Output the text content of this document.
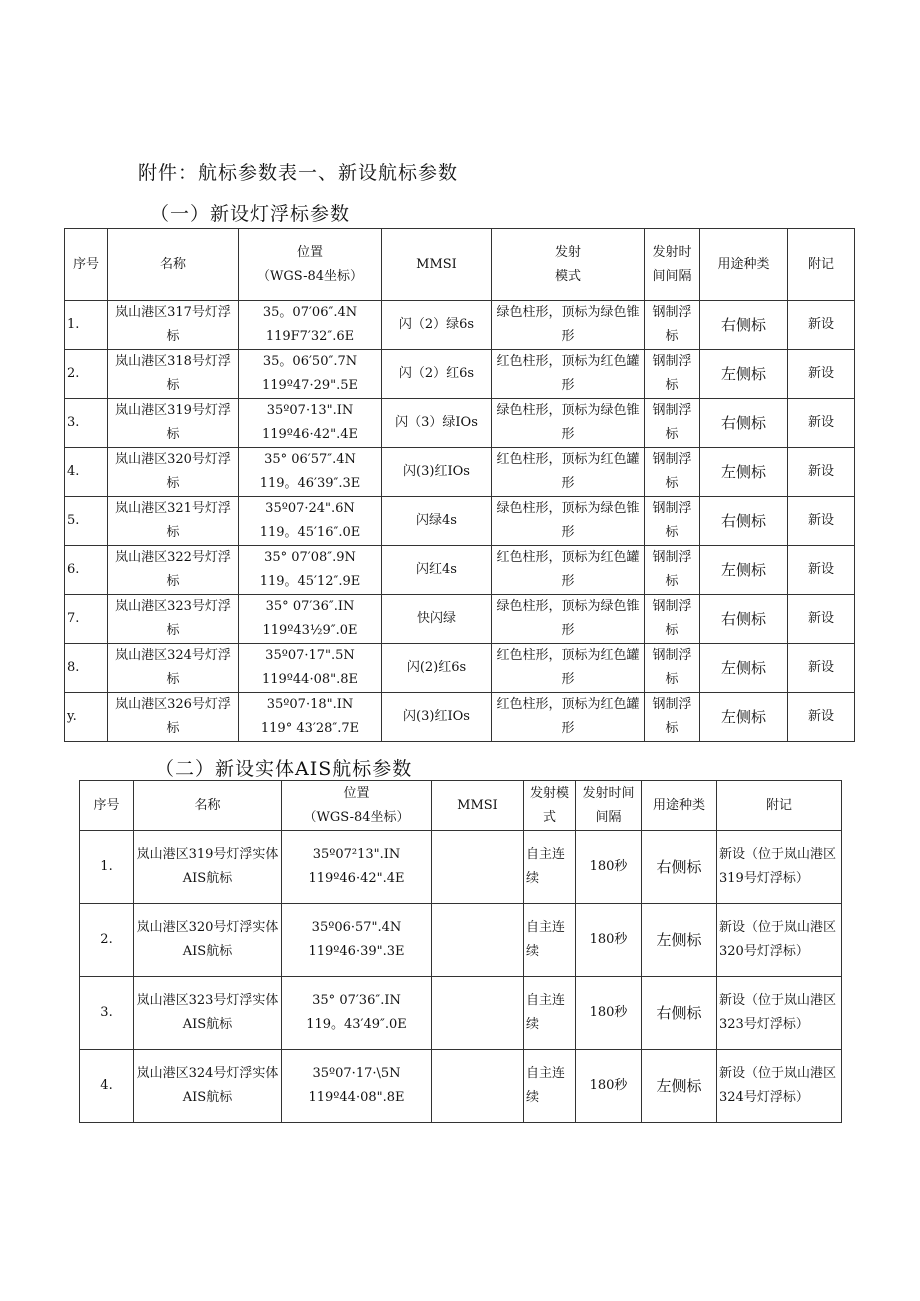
附件：航标参数表一、新设航标参数
（一）新设灯浮标参数
序号	名称	位置
（WGS-84坐标）	MMSI	发射
模式	发射时间间隔	用途种类	附记
1.	岚山港区317号灯浮标	35。07′06″.4N
119F7′32″.6E	闪（2）绿6s	绿色柱形，顶标为绿色锥形	钢制浮标	右侧标	新设
2.	岚山港区318号灯浮标	35。06′50″.7N
119º47·29".5E	闪（2）红6s	红色柱形，顶标为红色罐形	钢制浮标	左侧标	新设
3.	岚山港区319号灯浮标	35º07·13".IN
119º46·42".4E	闪（3）绿IOs	绿色柱形，顶标为绿色锥形	钢制浮标	右侧标	新设
4.	岚山港区320号灯浮标	35° 06′57″.4N
119。46′39″.3E	闪(3)红IOs	红色柱形，顶标为红色罐形	钢制浮标	左侧标	新设
5.	岚山港区321号灯浮标	35º07·24".6N
119。45′16″.0E	闪绿4s	绿色柱形，顶标为绿色锥形	钢制浮标	右侧标	新设
6.	岚山港区322号灯浮标	35° 07′08″.9N
119。45′12″.9E	闪红4s	红色柱形，顶标为红色罐形	钢制浮标	左侧标	新设
7.	岚山港区323号灯浮标	35° 07′36″.IN
119º43½9″.0E	快闪绿	绿色柱形，顶标为绿色锥形	钢制浮标	右侧标	新设
8.	岚山港区324号灯浮标	35º07·17".5N
119º44·08".8E	闪(2)红6s	红色柱形，顶标为红色罐形	钢制浮标	左侧标	新设
y.	岚山港区326号灯浮标	35º07·18".IN
119° 43′28″.7E	闪(3)红IOs	红色柱形，顶标为红色罐形	钢制浮标	左侧标	新设
（二）新设实体AIS航标参数
序号	名称	位置
（WGS-84坐标）	MMSI	发射模式	发射时间间隔	用途种类	附记
1.	岚山港区319号灯浮实体AIS航标	35º07²13".IN
119º46·42".4E		自主连续	180秒	右侧标	新设（位于岚山港区319号灯浮标）
2.	岚山港区320号灯浮实体AIS航标	35º06·57".4N
119º46·39".3E		自主连续	180秒	左侧标	新设（位于岚山港区320号灯浮标）
3.	岚山港区323号灯浮实体AIS航标	35° 07′36″.IN
119。43′49″.0E		自主连续	180秒	右侧标	新设（位于岚山港区323号灯浮标）
4.	岚山港区324号灯浮实体AIS航标	35º07·17·\5N
119º44·08".8E		自主连续	180秒	左侧标	新设（位于岚山港区324号灯浮标）
